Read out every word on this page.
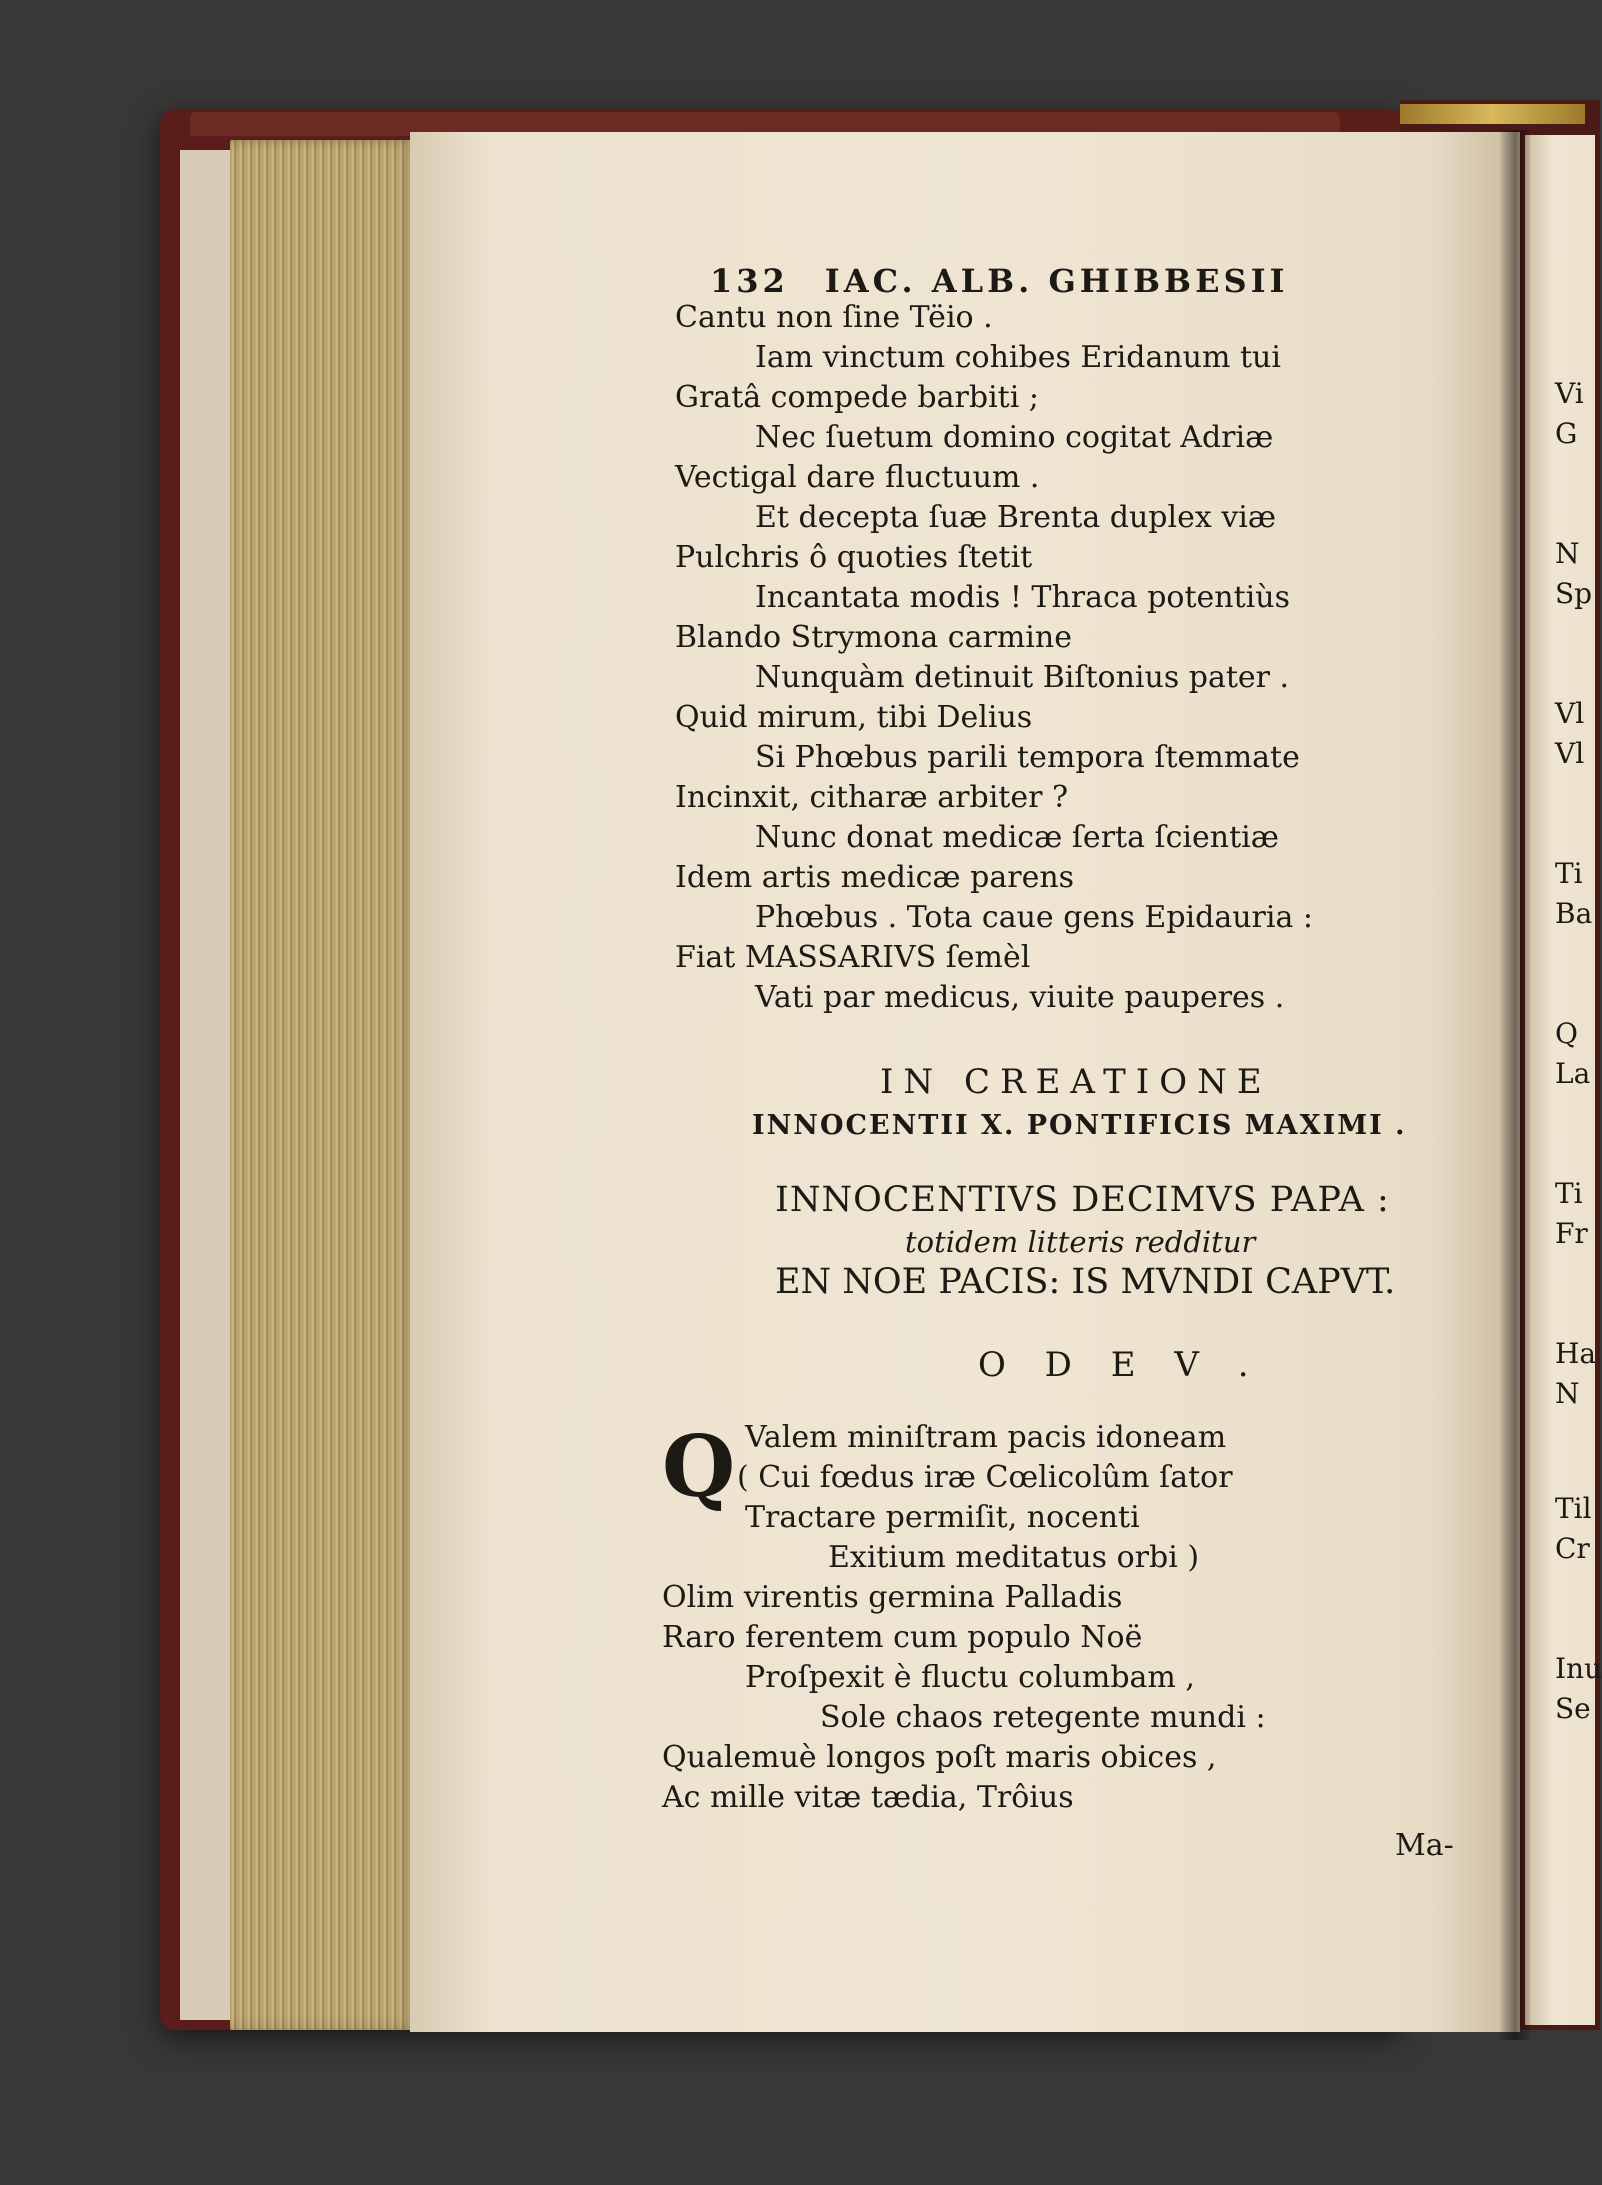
132 IAC. ALB. GHIBBESII
Cantu non ſine Tëio .
Iam vinctum cohibes Eridanum tui
Gratâ compede barbiti ;
Nec ſuetum domino cogitat Adriæ
Vectigal dare fluctuum .
Et decepta ſuæ Brenta duplex viæ
Pulchris ô quoties ſtetit
Incantata modis ! Thraca potentiùs
Blando Strymona carmine
Nunquàm detinuit Biſtonius pater .
Quid mirum, tibi Delius
Si Phœbus parili tempora ſtemmate
Incinxit, citharæ arbiter ?
Nunc donat medicæ ſerta ſcientiæ
Idem artis medicæ parens
Phœbus . Tota caue gens Epidauria :
Fiat MASSARIVS ſemèl
Vati par medicus, viuite pauperes .
IN CREATIONE
INNOCENTII X. PONTIFICIS MAXIMI .
INNOCENTIVS DECIMVS PAPA :
totidem litteris redditur
EN NOE PACIS: IS MVNDI CAPVT.
O D E V .
Q Valem miniſtram pacis idoneam
( Cui fœdus iræ Cœlicolûm ſator
Tractare permiſit, nocenti
Exitium meditatus orbi )
Olim virentis germina Palladis
Raro ferentem cum populo Noë
Proſpexit è fluctu columbam ,
Sole chaos retegente mundi :
Qualemuè longos poſt maris obices ,
Ac mille vitæ tædia, Trôius
Ma-
Vi
G
N
Sp
Vl
Vl
Ti
Ba
Q
La
Ti
Fr
Ha
N
Til
Cr
Inu
Se
